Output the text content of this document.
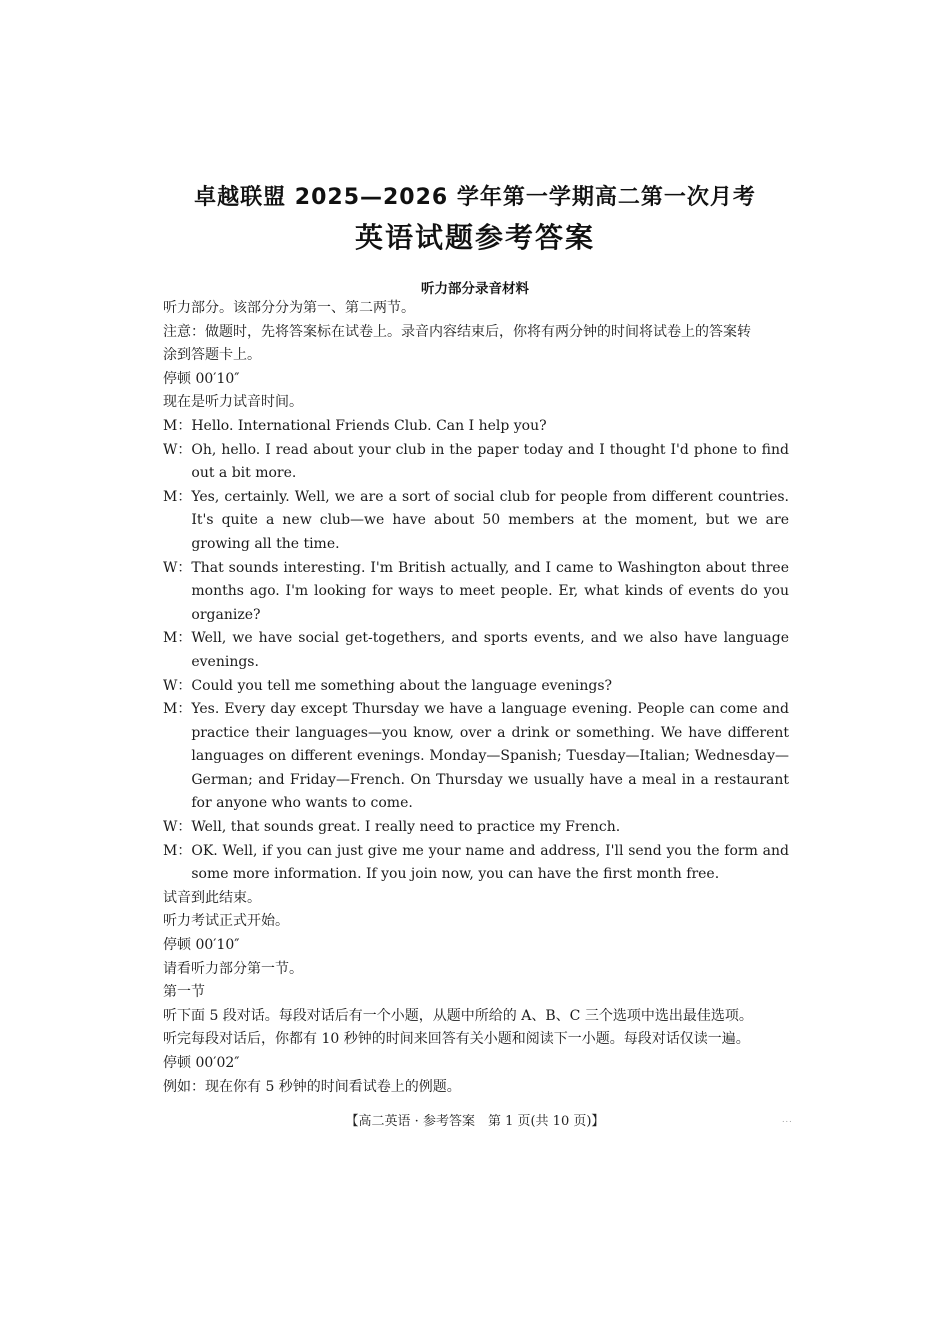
卓越联盟 2025—2026 学年第一学期高二第一次月考
英语试题参考答案
听力部分录音材料

听力部分。该部分分为第一、第二两节。

注意：做题时，先将答案标在试卷上。录音内容结束后，你将有两分钟的时间将试卷上的答案转

涂到答题卡上。

停顿 00′10″

现在是听力试音时间。

M： Hello. International Friends Club. Can I help you?
W： Oh, hello. I read about your club in the paper today and I thought I'd phone to find out a bit more.
M： Yes, certainly. Well, we are a sort of social club for people from different countries. It's quite a new club—we have about 50 members at the moment, but we are growing all the time.
W： That sounds interesting. I'm British actually, and I came to Washington about three months ago. I'm looking for ways to meet people. Er, what kinds of events do you organize?
M： Well, we have social get-togethers, and sports events, and we also have language evenings.
W： Could you tell me something about the language evenings?
M： Yes. Every day except Thursday we have a language evening. People can come and practice their languages—you know, over a drink or something. We have different languages on different evenings. Monday—Spanish; Tuesday—Italian; Wednesday—German; and Friday—French. On Thursday we usually have a meal in a restaurant for anyone who wants to come.
W： Well, that sounds great. I really need to practice my French.
M： OK. Well, if you can just give me your name and address, I'll send you the form and some more information. If you join now, you can have the first month free.

试音到此结束。

听力考试正式开始。

停顿 00′10″

请看听力部分第一节。

第一节

听下面 5 段对话。每段对话后有一个小题，从题中所给的 A、B、C 三个选项中选出最佳选项。

听完每段对话后，你都有 10 秒钟的时间来回答有关小题和阅读下一小题。每段对话仅读一遍。

停顿 00′02″

例如：现在你有 5 秒钟的时间看试卷上的例题。

【高二英语 · 参考答案　第 1 页(共 10 页)】	...
